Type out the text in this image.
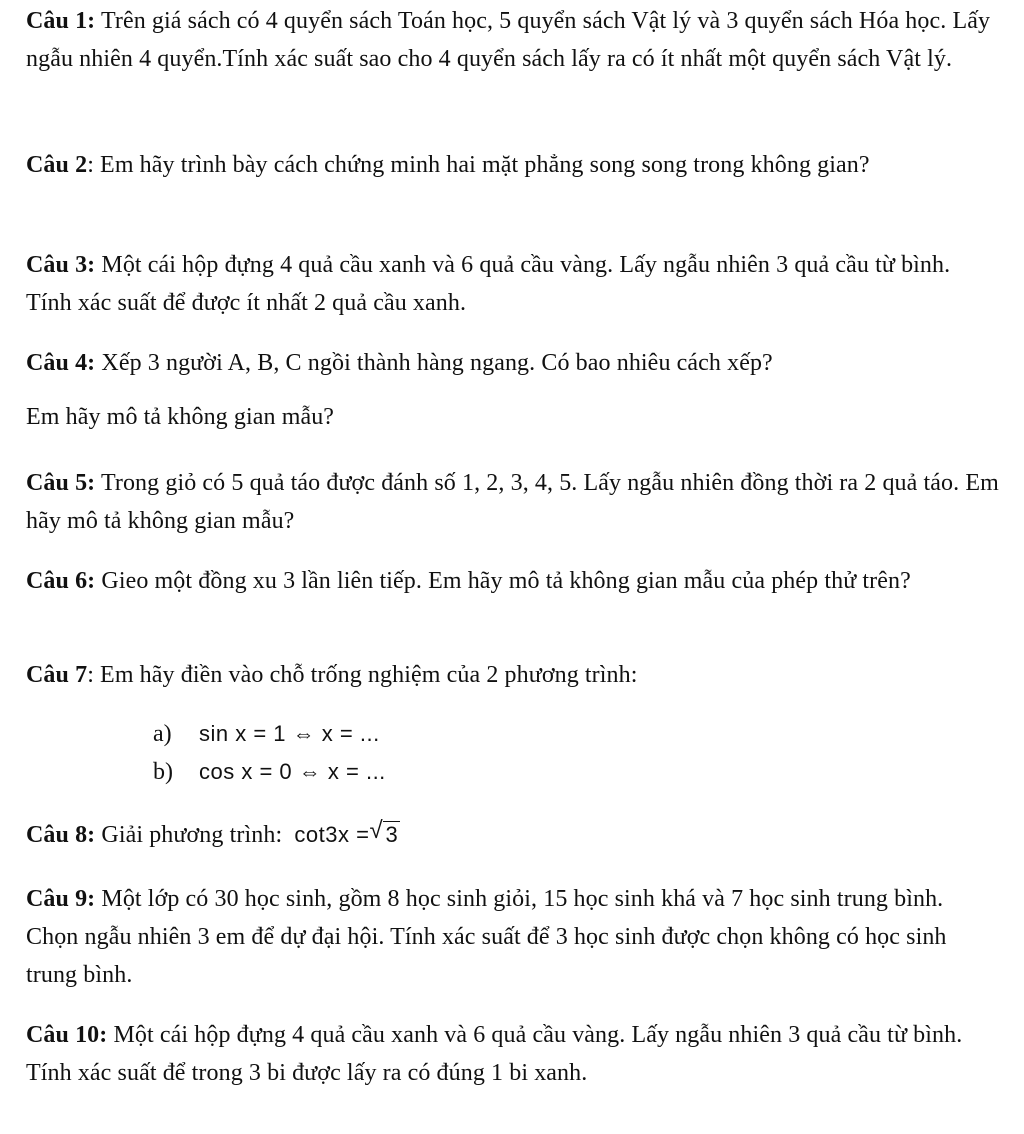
Câu 1: Trên giá sách có 4 quyển sách Toán học, 5 quyển sách Vật lý và 3 quyển sách Hóa học. Lấy ngẫu nhiên 4 quyển.Tính xác suất sao cho 4 quyển sách lấy ra có ít nhất một quyển sách Vật lý.
Câu 2: Em hãy trình bày cách chứng minh hai mặt phẳng song song trong không gian?
Câu 3: Một cái hộp đựng 4 quả cầu xanh và 6 quả cầu vàng. Lấy ngẫu nhiên 3 quả cầu từ bình. Tính xác suất để được ít nhất 2 quả cầu xanh.
Câu 4: Xếp 3 người A, B, C ngồi thành hàng ngang. Có bao nhiêu cách xếp?
Em hãy mô tả không gian mẫu?
Câu 5: Trong giỏ có 5 quả táo được đánh số 1, 2, 3, 4, 5. Lấy ngẫu nhiên đồng thời ra 2 quả táo. Em hãy mô tả không gian mẫu?
Câu 6: Gieo một đồng xu 3 lần liên tiếp. Em hãy mô tả không gian mẫu của phép thử trên?
Câu 7: Em hãy điền vào chỗ trống nghiệm của 2 phương trình:
a) sin x = 1 ⇔ x = ...
b) cos x = 0 ⇔ x = ...
Câu 8: Giải phương trình: cot3x = √ 3
Câu 9: Một lớp có 30 học sinh, gồm 8 học sinh giỏi, 15 học sinh khá và 7 học sinh trung bình. Chọn ngẫu nhiên 3 em để dự đại hội. Tính xác suất để 3 học sinh được chọn không có học sinh trung bình.
Câu 10: Một cái hộp đựng 4 quả cầu xanh và 6 quả cầu vàng. Lấy ngẫu nhiên 3 quả cầu từ bình. Tính xác suất để trong 3 bi được lấy ra có đúng 1 bi xanh.
